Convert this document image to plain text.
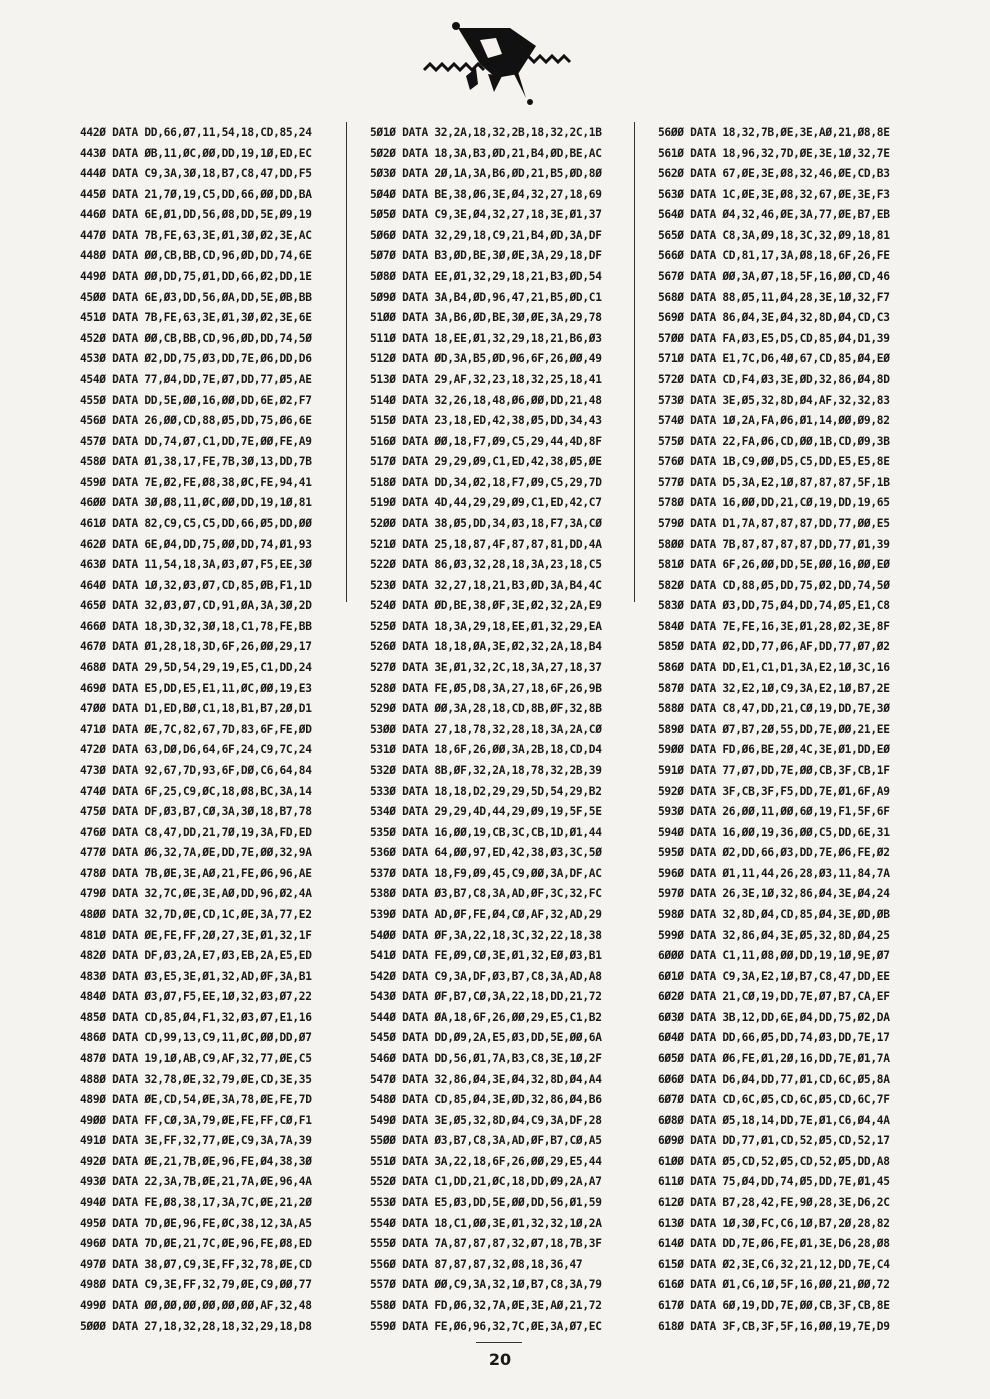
442Ø DATA DD,66,Ø7,11,54,18,CD,85,24
443Ø DATA ØB,11,ØC,ØØ,DD,19,1Ø,ED,EC
444Ø DATA C9,3A,3Ø,18,B7,C8,47,DD,F5
445Ø DATA 21,7Ø,19,C5,DD,66,ØØ,DD,BA
446Ø DATA 6E,Ø1,DD,56,Ø8,DD,5E,Ø9,19
447Ø DATA 7B,FE,63,3E,Ø1,3Ø,Ø2,3E,AC
448Ø DATA ØØ,CB,BB,CD,96,ØD,DD,74,6E
449Ø DATA ØØ,DD,75,Ø1,DD,66,Ø2,DD,1E
45ØØ DATA 6E,Ø3,DD,56,ØA,DD,5E,ØB,BB
451Ø DATA 7B,FE,63,3E,Ø1,3Ø,Ø2,3E,6E
452Ø DATA ØØ,CB,BB,CD,96,ØD,DD,74,5Ø
453Ø DATA Ø2,DD,75,Ø3,DD,7E,Ø6,DD,D6
454Ø DATA 77,Ø4,DD,7E,Ø7,DD,77,Ø5,AE
455Ø DATA DD,5E,ØØ,16,ØØ,DD,6E,Ø2,F7
456Ø DATA 26,ØØ,CD,88,Ø5,DD,75,Ø6,6E
457Ø DATA DD,74,Ø7,C1,DD,7E,ØØ,FE,A9
458Ø DATA Ø1,38,17,FE,7B,3Ø,13,DD,7B
459Ø DATA 7E,Ø2,FE,Ø8,38,ØC,FE,94,41
46ØØ DATA 3Ø,Ø8,11,ØC,ØØ,DD,19,1Ø,81
461Ø DATA 82,C9,C5,C5,DD,66,Ø5,DD,ØØ
462Ø DATA 6E,Ø4,DD,75,ØØ,DD,74,Ø1,93
463Ø DATA 11,54,18,3A,Ø3,Ø7,F5,EE,3Ø
464Ø DATA 1Ø,32,Ø3,Ø7,CD,85,ØB,F1,1D
465Ø DATA 32,Ø3,Ø7,CD,91,ØA,3A,3Ø,2D
466Ø DATA 18,3D,32,3Ø,18,C1,78,FE,BB
467Ø DATA Ø1,28,18,3D,6F,26,ØØ,29,17
468Ø DATA 29,5D,54,29,19,E5,C1,DD,24
469Ø DATA E5,DD,E5,E1,11,ØC,ØØ,19,E3
47ØØ DATA D1,ED,BØ,C1,18,B1,B7,2Ø,D1
471Ø DATA ØE,7C,82,67,7D,83,6F,FE,ØD
472Ø DATA 63,DØ,D6,64,6F,24,C9,7C,24
473Ø DATA 92,67,7D,93,6F,DØ,C6,64,84
474Ø DATA 6F,25,C9,ØC,18,Ø8,BC,3A,14
475Ø DATA DF,Ø3,B7,CØ,3A,3Ø,18,B7,78
476Ø DATA C8,47,DD,21,7Ø,19,3A,FD,ED
477Ø DATA Ø6,32,7A,ØE,DD,7E,ØØ,32,9A
478Ø DATA 7B,ØE,3E,AØ,21,FE,Ø6,96,AE
479Ø DATA 32,7C,ØE,3E,AØ,DD,96,Ø2,4A
48ØØ DATA 32,7D,ØE,CD,1C,ØE,3A,77,E2
481Ø DATA ØE,FE,FF,2Ø,27,3E,Ø1,32,1F
482Ø DATA DF,Ø3,2A,E7,Ø3,EB,2A,E5,ED
483Ø DATA Ø3,E5,3E,Ø1,32,AD,ØF,3A,B1
484Ø DATA Ø3,Ø7,F5,EE,1Ø,32,Ø3,Ø7,22
485Ø DATA CD,85,Ø4,F1,32,Ø3,Ø7,E1,16
486Ø DATA CD,99,13,C9,11,ØC,ØØ,DD,Ø7
487Ø DATA 19,1Ø,AB,C9,AF,32,77,ØE,C5
488Ø DATA 32,78,ØE,32,79,ØE,CD,3E,35
489Ø DATA ØE,CD,54,ØE,3A,78,ØE,FE,7D
49ØØ DATA FF,CØ,3A,79,ØE,FE,FF,CØ,F1
491Ø DATA 3E,FF,32,77,ØE,C9,3A,7A,39
492Ø DATA ØE,21,7B,ØE,96,FE,Ø4,38,3Ø
493Ø DATA 22,3A,7B,ØE,21,7A,ØE,96,4A
494Ø DATA FE,Ø8,38,17,3A,7C,ØE,21,2Ø
495Ø DATA 7D,ØE,96,FE,ØC,38,12,3A,A5
496Ø DATA 7D,ØE,21,7C,ØE,96,FE,Ø8,ED
497Ø DATA 38,Ø7,C9,3E,FF,32,78,ØE,CD
498Ø DATA C9,3E,FF,32,79,ØE,C9,ØØ,77
499Ø DATA ØØ,ØØ,ØØ,ØØ,ØØ,ØØ,AF,32,48
5ØØØ DATA 27,18,32,28,18,32,29,18,D8
5Ø1Ø DATA 32,2A,18,32,2B,18,32,2C,1B
5Ø2Ø DATA 18,3A,B3,ØD,21,B4,ØD,BE,AC
5Ø3Ø DATA 2Ø,1A,3A,B6,ØD,21,B5,ØD,8Ø
5Ø4Ø DATA BE,38,Ø6,3E,Ø4,32,27,18,69
5Ø5Ø DATA C9,3E,Ø4,32,27,18,3E,Ø1,37
5Ø6Ø DATA 32,29,18,C9,21,B4,ØD,3A,DF
5Ø7Ø DATA B3,ØD,BE,3Ø,ØE,3A,29,18,DF
5Ø8Ø DATA EE,Ø1,32,29,18,21,B3,ØD,54
5Ø9Ø DATA 3A,B4,ØD,96,47,21,B5,ØD,C1
51ØØ DATA 3A,B6,ØD,BE,3Ø,ØE,3A,29,78
511Ø DATA 18,EE,Ø1,32,29,18,21,B6,Ø3
512Ø DATA ØD,3A,B5,ØD,96,6F,26,ØØ,49
513Ø DATA 29,AF,32,23,18,32,25,18,41
514Ø DATA 32,26,18,48,Ø6,ØØ,DD,21,48
515Ø DATA 23,18,ED,42,38,Ø5,DD,34,43
516Ø DATA ØØ,18,F7,Ø9,C5,29,44,4D,8F
517Ø DATA 29,29,Ø9,C1,ED,42,38,Ø5,ØE
518Ø DATA DD,34,Ø2,18,F7,Ø9,C5,29,7D
519Ø DATA 4D,44,29,29,Ø9,C1,ED,42,C7
52ØØ DATA 38,Ø5,DD,34,Ø3,18,F7,3A,CØ
521Ø DATA 25,18,87,4F,87,87,81,DD,4A
522Ø DATA 86,Ø3,32,28,18,3A,23,18,C5
523Ø DATA 32,27,18,21,B3,ØD,3A,B4,4C
524Ø DATA ØD,BE,38,ØF,3E,Ø2,32,2A,E9
525Ø DATA 18,3A,29,18,EE,Ø1,32,29,EA
526Ø DATA 18,18,ØA,3E,Ø2,32,2A,18,B4
527Ø DATA 3E,Ø1,32,2C,18,3A,27,18,37
528Ø DATA FE,Ø5,D8,3A,27,18,6F,26,9B
529Ø DATA ØØ,3A,28,18,CD,8B,ØF,32,8B
53ØØ DATA 27,18,78,32,28,18,3A,2A,CØ
531Ø DATA 18,6F,26,ØØ,3A,2B,18,CD,D4
532Ø DATA 8B,ØF,32,2A,18,78,32,2B,39
533Ø DATA 18,18,D2,29,29,5D,54,29,B2
534Ø DATA 29,29,4D,44,29,Ø9,19,5F,5E
535Ø DATA 16,ØØ,19,CB,3C,CB,1D,Ø1,44
536Ø DATA 64,ØØ,97,ED,42,38,Ø3,3C,5Ø
537Ø DATA 18,F9,Ø9,45,C9,ØØ,3A,DF,AC
538Ø DATA Ø3,B7,C8,3A,AD,ØF,3C,32,FC
539Ø DATA AD,ØF,FE,Ø4,CØ,AF,32,AD,29
54ØØ DATA ØF,3A,22,18,3C,32,22,18,38
541Ø DATA FE,Ø9,CØ,3E,Ø1,32,EØ,Ø3,B1
542Ø DATA C9,3A,DF,Ø3,B7,C8,3A,AD,A8
543Ø DATA ØF,B7,CØ,3A,22,18,DD,21,72
544Ø DATA ØA,18,6F,26,ØØ,29,E5,C1,B2
545Ø DATA DD,Ø9,2A,E5,Ø3,DD,5E,ØØ,6A
546Ø DATA DD,56,Ø1,7A,B3,C8,3E,1Ø,2F
547Ø DATA 32,86,Ø4,3E,Ø4,32,8D,Ø4,A4
548Ø DATA CD,85,Ø4,3E,ØD,32,86,Ø4,B6
549Ø DATA 3E,Ø5,32,8D,Ø4,C9,3A,DF,28
55ØØ DATA Ø3,B7,C8,3A,AD,ØF,B7,CØ,A5
551Ø DATA 3A,22,18,6F,26,ØØ,29,E5,44
552Ø DATA C1,DD,21,ØC,18,DD,Ø9,2A,A7
553Ø DATA E5,Ø3,DD,5E,ØØ,DD,56,Ø1,59
554Ø DATA 18,C1,ØØ,3E,Ø1,32,32,1Ø,2A
555Ø DATA 7A,87,87,87,32,Ø7,18,7B,3F
556Ø DATA 87,87,87,32,Ø8,18,36,47
557Ø DATA ØØ,C9,3A,32,1Ø,B7,C8,3A,79
558Ø DATA FD,Ø6,32,7A,ØE,3E,AØ,21,72
559Ø DATA FE,Ø6,96,32,7C,ØE,3A,Ø7,EC
56ØØ DATA 18,32,7B,ØE,3E,AØ,21,Ø8,8E
561Ø DATA 18,96,32,7D,ØE,3E,1Ø,32,7E
562Ø DATA 67,ØE,3E,Ø8,32,46,ØE,CD,B3
563Ø DATA 1C,ØE,3E,Ø8,32,67,ØE,3E,F3
564Ø DATA Ø4,32,46,ØE,3A,77,ØE,B7,EB
565Ø DATA C8,3A,Ø9,18,3C,32,Ø9,18,81
566Ø DATA CD,81,17,3A,Ø8,18,6F,26,FE
567Ø DATA ØØ,3A,Ø7,18,5F,16,ØØ,CD,46
568Ø DATA 88,Ø5,11,Ø4,28,3E,1Ø,32,F7
569Ø DATA 86,Ø4,3E,Ø4,32,8D,Ø4,CD,C3
57ØØ DATA FA,Ø3,E5,D5,CD,85,Ø4,D1,39
571Ø DATA E1,7C,D6,4Ø,67,CD,85,Ø4,EØ
572Ø DATA CD,F4,Ø3,3E,ØD,32,86,Ø4,8D
573Ø DATA 3E,Ø5,32,8D,Ø4,AF,32,32,83
574Ø DATA 1Ø,2A,FA,Ø6,Ø1,14,ØØ,Ø9,82
575Ø DATA 22,FA,Ø6,CD,ØØ,1B,CD,Ø9,3B
576Ø DATA 1B,C9,ØØ,D5,C5,DD,E5,E5,8E
577Ø DATA D5,3A,E2,1Ø,87,87,87,5F,1B
578Ø DATA 16,ØØ,DD,21,CØ,19,DD,19,65
579Ø DATA D1,7A,87,87,87,DD,77,ØØ,E5
58ØØ DATA 7B,87,87,87,87,DD,77,Ø1,39
581Ø DATA 6F,26,ØØ,DD,5E,ØØ,16,ØØ,EØ
582Ø DATA CD,88,Ø5,DD,75,Ø2,DD,74,5Ø
583Ø DATA Ø3,DD,75,Ø4,DD,74,Ø5,E1,C8
584Ø DATA 7E,FE,16,3E,Ø1,28,Ø2,3E,8F
585Ø DATA Ø2,DD,77,Ø6,AF,DD,77,Ø7,Ø2
586Ø DATA DD,E1,C1,D1,3A,E2,1Ø,3C,16
587Ø DATA 32,E2,1Ø,C9,3A,E2,1Ø,B7,2E
588Ø DATA C8,47,DD,21,CØ,19,DD,7E,3Ø
589Ø DATA Ø7,B7,2Ø,55,DD,7E,ØØ,21,EE
59ØØ DATA FD,Ø6,BE,2Ø,4C,3E,Ø1,DD,EØ
591Ø DATA 77,Ø7,DD,7E,ØØ,CB,3F,CB,1F
592Ø DATA 3F,CB,3F,F5,DD,7E,Ø1,6F,A9
593Ø DATA 26,ØØ,11,ØØ,6Ø,19,F1,5F,6F
594Ø DATA 16,ØØ,19,36,ØØ,C5,DD,6E,31
595Ø DATA Ø2,DD,66,Ø3,DD,7E,Ø6,FE,Ø2
596Ø DATA Ø1,11,44,26,28,Ø3,11,84,7A
597Ø DATA 26,3E,1Ø,32,86,Ø4,3E,Ø4,24
598Ø DATA 32,8D,Ø4,CD,85,Ø4,3E,ØD,ØB
599Ø DATA 32,86,Ø4,3E,Ø5,32,8D,Ø4,25
6ØØØ DATA C1,11,Ø8,ØØ,DD,19,1Ø,9E,Ø7
6Ø1Ø DATA C9,3A,E2,1Ø,B7,C8,47,DD,EE
6Ø2Ø DATA 21,CØ,19,DD,7E,Ø7,B7,CA,EF
6Ø3Ø DATA 3B,12,DD,6E,Ø4,DD,75,Ø2,DA
6Ø4Ø DATA DD,66,Ø5,DD,74,Ø3,DD,7E,17
6Ø5Ø DATA Ø6,FE,Ø1,2Ø,16,DD,7E,Ø1,7A
6Ø6Ø DATA D6,Ø4,DD,77,Ø1,CD,6C,Ø5,8A
6Ø7Ø DATA CD,6C,Ø5,CD,6C,Ø5,CD,6C,7F
6Ø8Ø DATA Ø5,18,14,DD,7E,Ø1,C6,Ø4,4A
6Ø9Ø DATA DD,77,Ø1,CD,52,Ø5,CD,52,17
61ØØ DATA Ø5,CD,52,Ø5,CD,52,Ø5,DD,A8
611Ø DATA 75,Ø4,DD,74,Ø5,DD,7E,Ø1,45
612Ø DATA B7,28,42,FE,9Ø,28,3E,D6,2C
613Ø DATA 1Ø,3Ø,FC,C6,1Ø,B7,2Ø,28,82
614Ø DATA DD,7E,Ø6,FE,Ø1,3E,D6,28,Ø8
615Ø DATA Ø2,3E,C6,32,21,12,DD,7E,C4
616Ø DATA Ø1,C6,1Ø,5F,16,ØØ,21,ØØ,72
617Ø DATA 6Ø,19,DD,7E,ØØ,CB,3F,CB,8E
618Ø DATA 3F,CB,3F,5F,16,ØØ,19,7E,D9
20
